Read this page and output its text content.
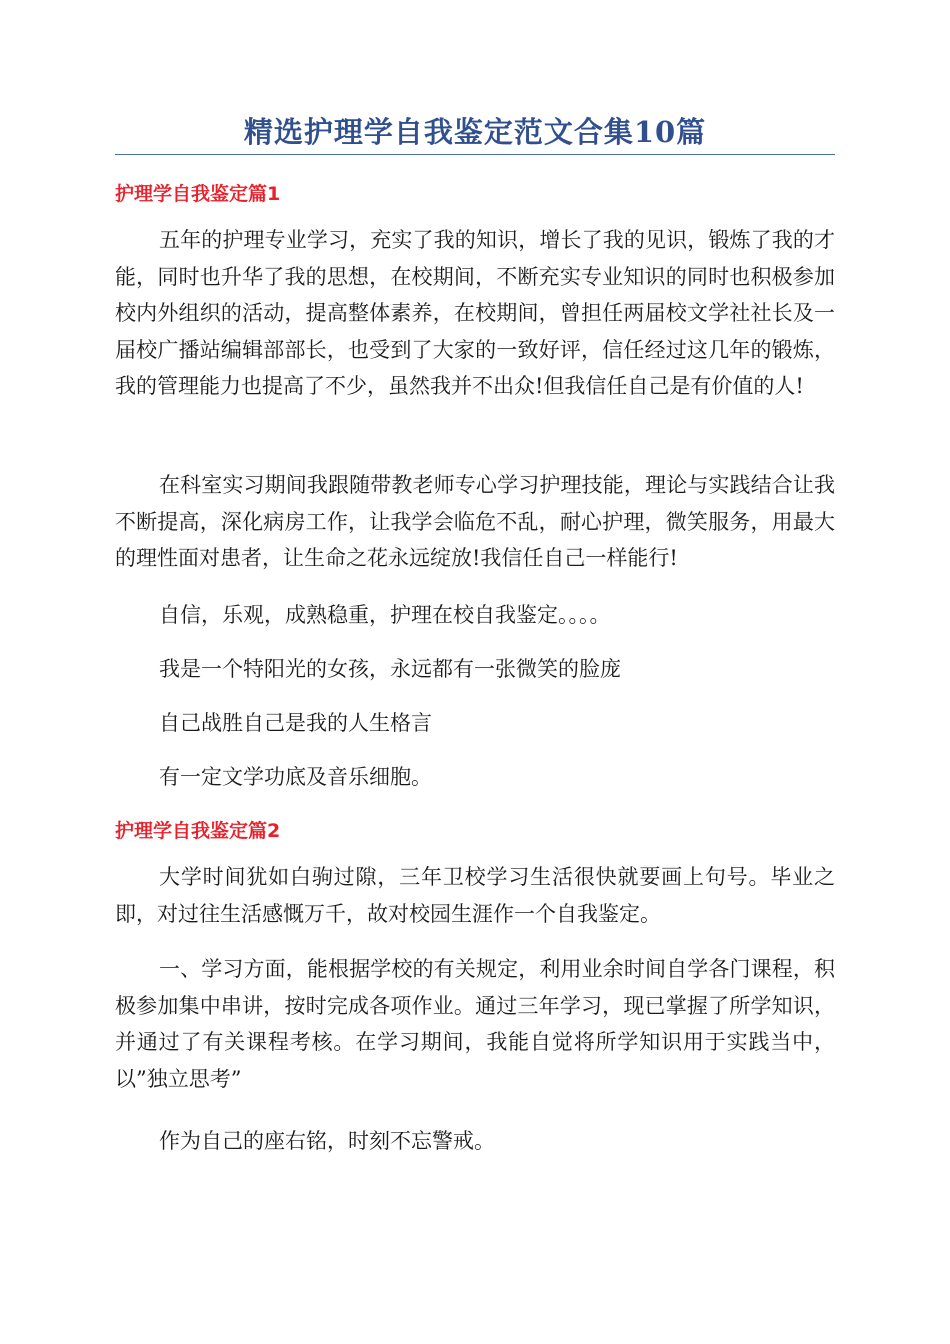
精选护理学自我鉴定范文合集10篇
护理学自我鉴定篇1

五年的护理专业学习，充实了我的知识，增长了我的见识，锻炼了我的才能，同时也升华了我的思想，在校期间，不断充实专业知识的同时也积极参加校内外组织的活动，提高整体素养，在校期间，曾担任两届校文学社社长及一届校广播站编辑部部长，也受到了大家的一致好评，信任经过这几年的锻炼，我的管理能力也提高了不少，虽然我并不出众!但我信任自己是有价值的人!

在科室实习期间我跟随带教老师专心学习护理技能，理论与实践结合让我不断提高，深化病房工作，让我学会临危不乱，耐心护理，微笑服务，用最大的理性面对患者，让生命之花永远绽放!我信任自己一样能行!

自信，乐观，成熟稳重，护理在校自我鉴定。。。。

我是一个特阳光的女孩，永远都有一张微笑的脸庞

自己战胜自己是我的人生格言

有一定文学功底及音乐细胞。

护理学自我鉴定篇2

大学时间犹如白驹过隙，三年卫校学习生活很快就要画上句号。毕业之即，对过往生活感慨万千，故对校园生涯作一个自我鉴定。

一、学习方面，能根据学校的有关规定，利用业余时间自学各门课程，积极参加集中串讲，按时完成各项作业。通过三年学习，现已掌握了所学知识，并通过了有关课程考核。在学习期间，我能自觉将所学知识用于实践当中，以”独立思考”

作为自己的座右铭，时刻不忘警戒。
